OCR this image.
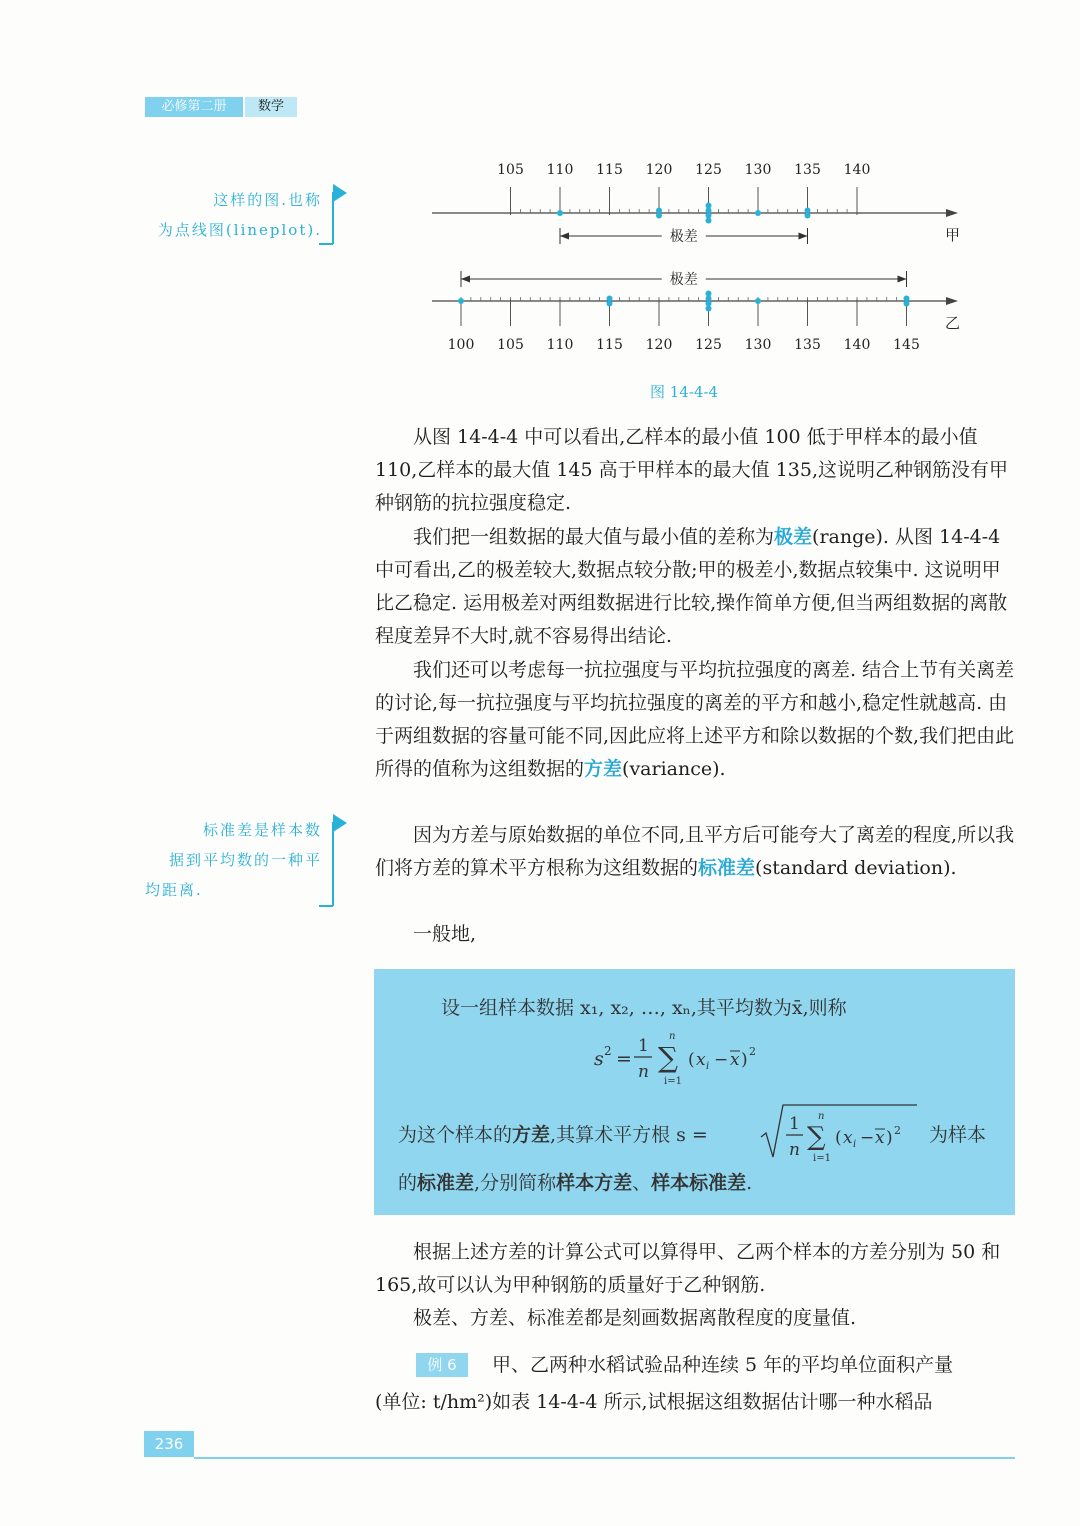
必修第二册	数学
这样的图.也称
为点线图(lineplot).
标准差是样本数
据到平均数的一种平
均距离.
105 110 115 120 125 130 135 140
极差	甲
100 105 110 115 120 125 130 135 140 145
极差
乙
图 14-4-4

从图 14-4-4 中可以看出,乙样本的最小值 100 低于甲样本的最小值 110,乙样本的最大值 145 高于甲样本的最大值 135,这说明乙种钢筋没有甲种钢筋的抗拉强度稳定.

我们把一组数据的最大值与最小值的差称为极差(range). 从图 14-4-4中可看出,乙的极差较大,数据点较分散;甲的极差小,数据点较集中. 这说明甲比乙稳定. 运用极差对两组数据进行比较,操作简单方便,但当两组数据的离散程度差异不大时,就不容易得出结论.

我们还可以考虑每一抗拉强度与平均抗拉强度的离差. 结合上节有关离差的讨论,每一抗拉强度与平均抗拉强度的离差的平方和越小,稳定性就越高. 由于两组数据的容量可能不同,因此应将上述平方和除以数据的个数,我们把由此所得的值称为这组数据的方差(variance).

因为方差与原始数据的单位不同,且平方后可能夸大了离差的程度,所以我们将方差的算术平方根称为这组数据的标准差(standard deviation).

一般地,

设一组样本数据 x₁, x₂, …, xₙ,其平均数为x̄,则称
s 2 =
1
n
n
∑
i=1
( x i − x ) 2
为这个样本的方差,其算术平方根 s =	1
n
n
∑
i=1
( x i − x ) 2 为样本
的标准差,分别简称样本方差、样本标准差.

根据上述方差的计算公式可以算得甲、乙两个样本的方差分别为 50 和 165,故可以认为甲种钢筋的质量好于乙种钢筋.

极差、方差、标准差都是刻画数据离散程度的度量值.

例 6	甲、乙两种水稻试验品种连续 5 年的平均单位面积产量
(单位: t/hm²)如表 14-4-4 所示,试根据这组数据估计哪一种水稻品
236
